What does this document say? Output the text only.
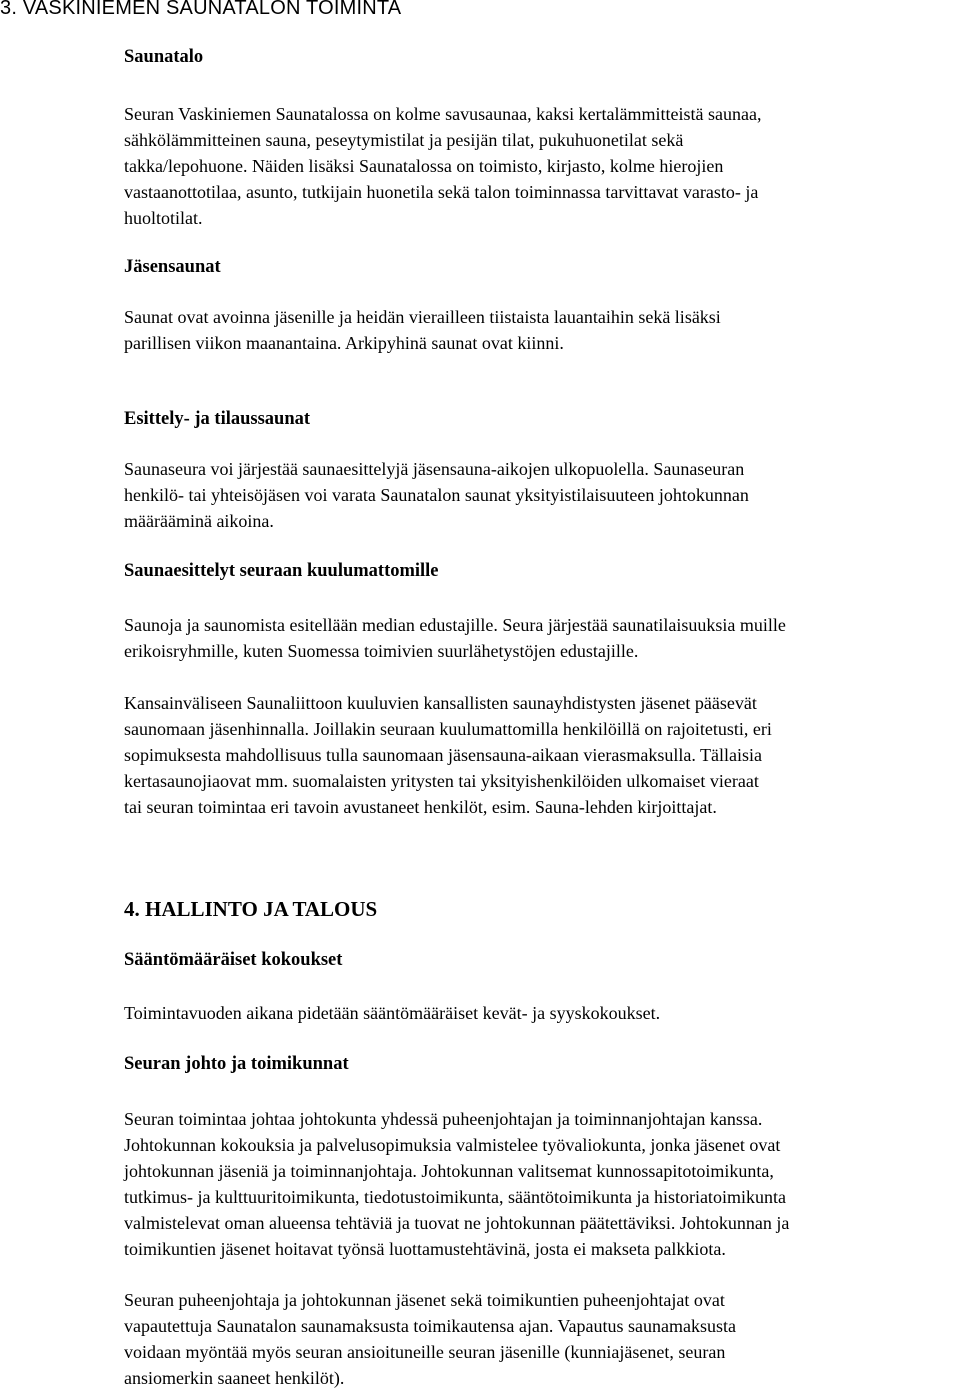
3. VASKINIEMEN SAUNATALON TOIMINTA
Saunatalo
Seuran Vaskiniemen Saunatalossa on kolme savusaunaa, kaksi kertalämmitteistä saunaa,
sähkölämmitteinen sauna, peseytymistilat ja pesijän tilat, pukuhuonetilat sekä
takka/lepohuone. Näiden lisäksi Saunatalossa on toimisto, kirjasto, kolme hierojien
vastaanottotilaa, asunto, tutkijain huonetila sekä talon toiminnassa tarvittavat varasto- ja
huoltotilat.
Jäsensaunat
Saunat ovat avoinna jäsenille ja heidän vierailleen tiistaista lauantaihin sekä lisäksi
parillisen viikon maanantaina. Arkipyhinä saunat ovat kiinni.
Esittely- ja tilaussaunat
Saunaseura voi järjestää saunaesittelyjä jäsensauna-aikojen ulkopuolella. Saunaseuran
henkilö- tai yhteisöjäsen voi varata Saunatalon saunat yksityistilaisuuteen johtokunnan
määrääminä aikoina.
Saunaesittelyt seuraan kuulumattomille
Saunoja ja saunomista esitellään median edustajille. Seura järjestää saunatilaisuuksia muille
erikoisryhmille, kuten Suomessa toimivien suurlähetystöjen edustajille.
Kansainväliseen Saunaliittoon kuuluvien kansallisten saunayhdistysten jäsenet pääsevät
saunomaan jäsenhinnalla. Joillakin seuraan kuulumattomilla henkilöillä on rajoitetusti, eri
sopimuksesta mahdollisuus tulla saunomaan jäsensauna-aikaan vierasmaksulla. Tällaisia
kertasaunojiaovat mm. suomalaisten yritysten tai yksityishenkilöiden ulkomaiset vieraat
tai seuran toimintaa eri tavoin avustaneet henkilöt, esim. Sauna-lehden kirjoittajat.
4. HALLINTO JA TALOUS
Sääntömääräiset kokoukset
Toimintavuoden aikana pidetään sääntömääräiset kevät- ja syyskokoukset.
Seuran johto ja toimikunnat
Seuran toimintaa johtaa johtokunta yhdessä puheenjohtajan ja toiminnanjohtajan kanssa.
Johtokunnan kokouksia ja palvelusopimuksia valmistelee työvaliokunta, jonka jäsenet ovat
johtokunnan jäseniä ja toiminnanjohtaja. Johtokunnan valitsemat kunnossapitotoimikunta,
tutkimus- ja kulttuuritoimikunta, tiedotustoimikunta, sääntötoimikunta ja historiatoimikunta
valmistelevat oman alueensa tehtäviä ja tuovat ne johtokunnan päätettäviksi. Johtokunnan ja
toimikuntien jäsenet hoitavat työnsä luottamustehtävinä, josta ei makseta palkkiota.
Seuran puheenjohtaja ja johtokunnan jäsenet sekä toimikuntien puheenjohtajat ovat
vapautettuja Saunatalon saunamaksusta toimikautensa ajan. Vapautus saunamaksusta
voidaan myöntää myös seuran ansioituneille seuran jäsenille (kunniajäsenet, seuran
ansiomerkin saaneet henkilöt).
